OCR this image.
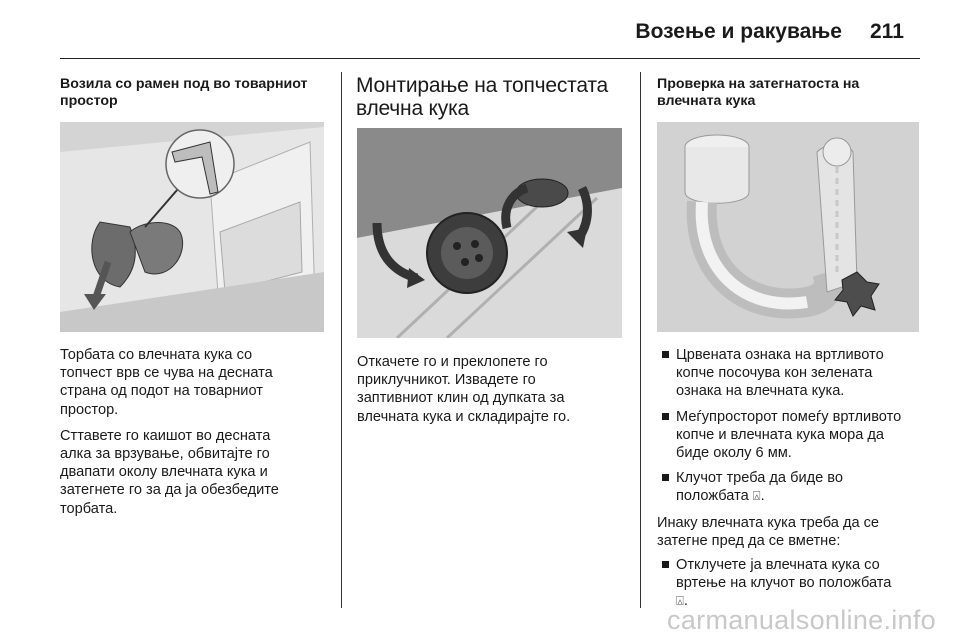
Возење и ракување 211

Возила со рамен под во товарниот простор

Торбата со влечната кука со
топчест врв се чува на десната
страна од подот на товарниот
простор.

Сттавете го каишот во десната
алка за врзување, обвитајте го
двапати околу влечната кука и
затегнете го за да ја обезбедите
торбата.

Монтирање на топчестата
влечна кука

Откачете го и преклопете го
приклучникот. Извадете го
заптивниот клин од дупката за
влечната кука и складирајте го.

Проверка на затегнатоста на
влечната кука

Црвената ознака на вртливото
копче посочува кон зелената
ознака на влечната кука.
Меѓупросторот помеѓу вртливото
копче и влечната кука мора да
биде околу 6 мм.
Клучот треба да биде во
положбата ⍓.

Инаку влечната кука треба да се
затегне пред да се вметне:

Отклучете ја влечната кука со
вртење на клучот во положбата
⍓.
carmanualsonline.info
